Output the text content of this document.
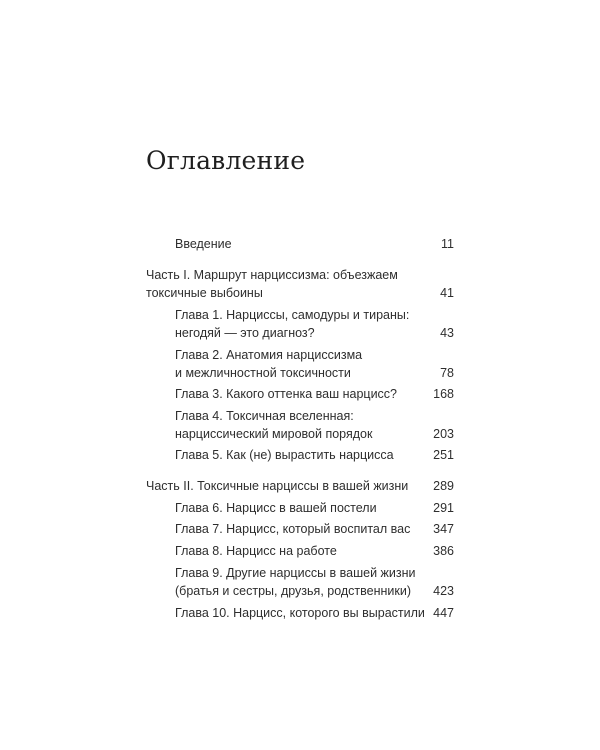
Оглавление

Введение	11

Часть I. Маршрут нарциссизма: объезжаем

токсичные выбоины	41

Глава 1. Нарциссы, самодуры и тираны:

негодяй — это диагноз?	43

Глава 2. Анатомия нарциссизма

и межличностной токсичности	78

Глава 3. Какого оттенка ваш нарцисс?	168

Глава 4. Токсичная вселенная:

нарциссический мировой порядок	203

Глава 5. Как (не) вырастить нарцисса	251

Часть II. Токсичные нарциссы в вашей жизни	289

Глава 6. Нарцисс в вашей постели	291

Глава 7. Нарцисс, который воспитал вас	347

Глава 8. Нарцисс на работе	386

Глава 9. Другие нарциссы в вашей жизни

(братья и сестры, друзья, родственники)	423

Глава 10. Нарцисс, которого вы вырастили 447
